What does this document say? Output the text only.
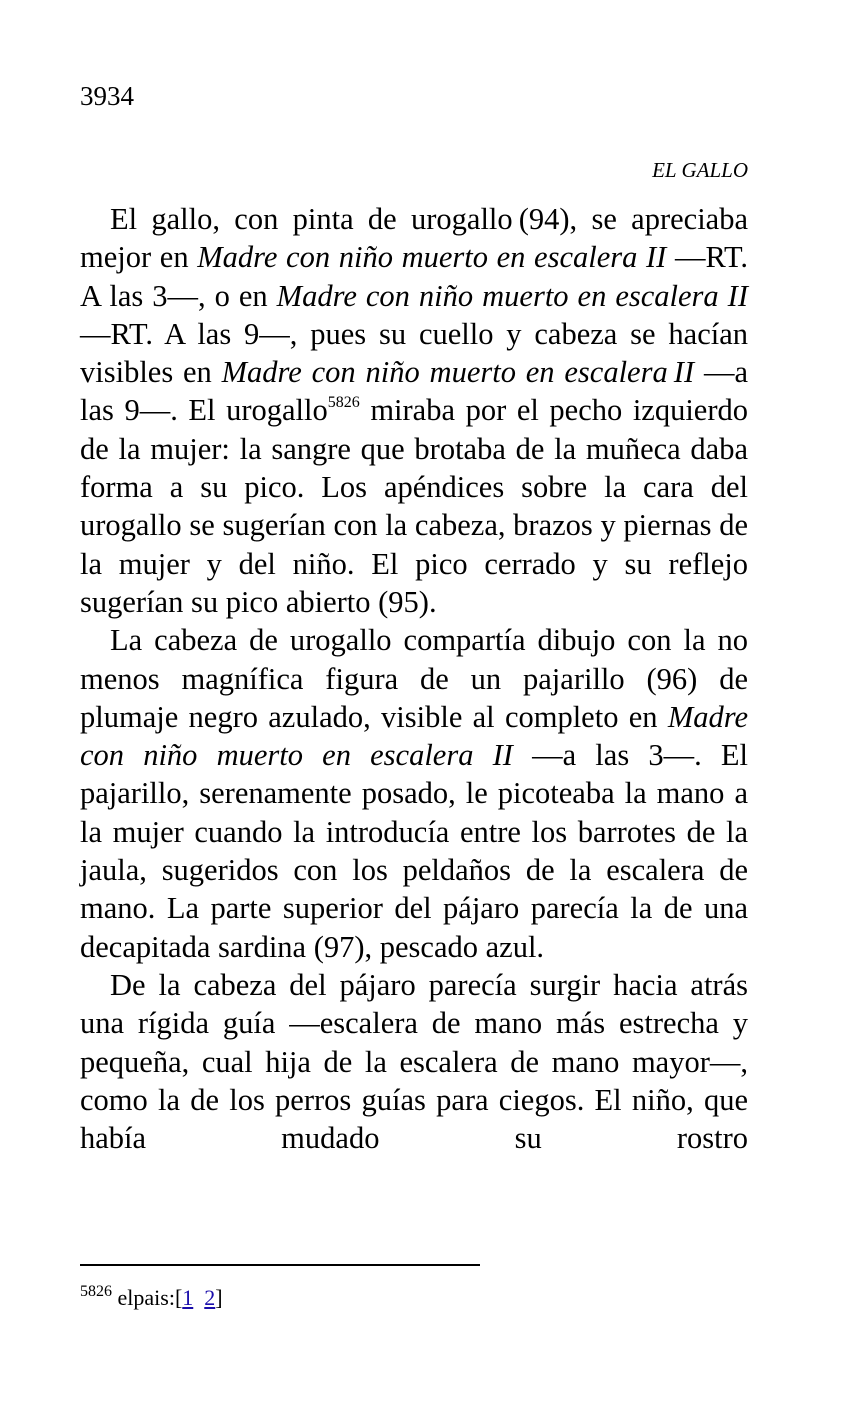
3934
EL GALLO

El gallo, con pinta de urogallo (94), se apreciaba mejor en Madre con niño muerto en escalera II —RT. A las 3—, o en Madre con niño muerto en escalera II —RT. A las 9—, pues su cuello y cabeza se hacían visibles en Madre con niño muerto en escalera II —a las 9—. El urogallo$^{5826}$ miraba por el pecho izquierdo de la mujer: la sangre que brotaba de la muñeca daba forma a su pico. Los apéndices sobre la cara del urogallo se sugerían con la cabeza, brazos y piernas de la mujer y del niño. El pico cerrado y su reflejo sugerían su pico abierto (95).

La cabeza de urogallo compartía dibujo con la no menos magnífica figura de un pajarillo (96) de plumaje negro azulado, visible al completo en Madre con niño muerto en escalera II —a las 3—. El pajarillo, serenamente posado, le picoteaba la mano a la mujer cuando la introducía entre los barrotes de la jaula, sugeridos con los peldaños de la escalera de mano. La parte superior del pájaro parecía la de una decapitada sardina (97), pescado azul.

De la cabeza del pájaro parecía surgir hacia atrás una rígida guía —escalera de mano más estrecha y pequeña, cual hija de la escalera de mano mayor—, como la de los perros guías para ciegos. El niño, que había mudado su rostro

$^{5826}$ elpais:[1 2]
